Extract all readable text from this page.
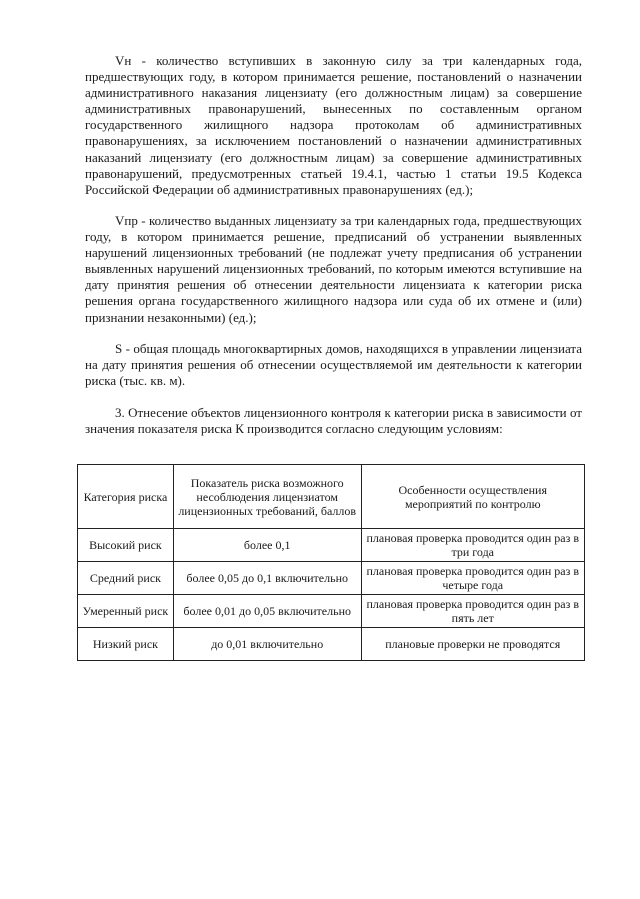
Vн - количество вступивших в законную силу за три календарных года, предшествующих году, в котором принимается решение, постановлений о назначении административного наказания лицензиату (его должностным лицам) за совершение административных правонарушений, вынесенных по составленным органом государственного жилищного надзора протоколам об административных правонарушениях, за исключением постановлений о назначении административных наказаний лицензиату (его должностным лицам) за совершение административных правонарушений, предусмотренных статьей 19.4.1, частью 1 статьи 19.5 Кодекса Российской Федерации об административных правонарушениях (ед.);

Vпр - количество выданных лицензиату за три календарных года, предшествующих году, в котором принимается решение, предписаний об устранении выявленных нарушений лицензионных требований (не подлежат учету предписания об устранении выявленных нарушений лицензионных требований, по которым имеются вступившие на дату принятия решения об отнесении деятельности лицензиата к категории риска решения органа государственного жилищного надзора или суда об их отмене и (или) признании незаконными) (ед.);

S - общая площадь многоквартирных домов, находящихся в управлении лицензиата на дату принятия решения об отнесении осуществляемой им деятельности к категории риска (тыс. кв. м).

3. Отнесение объектов лицензионного контроля к категории риска в зависимости от значения показателя риска К производится согласно следующим условиям:

Категория риска	Показатель риска возможного несоблюдения лицензиатом лицензионных требований, баллов	Особенности осуществления мероприятий по контролю
Высокий риск	более 0,1	плановая проверка проводится один раз в три года
Средний риск	более 0,05 до 0,1 включительно	плановая проверка проводится один раз в четыре года
Умеренный риск	более 0,01 до 0,05 включительно	плановая проверка проводится один раз в пять лет
Низкий риск	до 0,01 включительно	плановые проверки не проводятся
